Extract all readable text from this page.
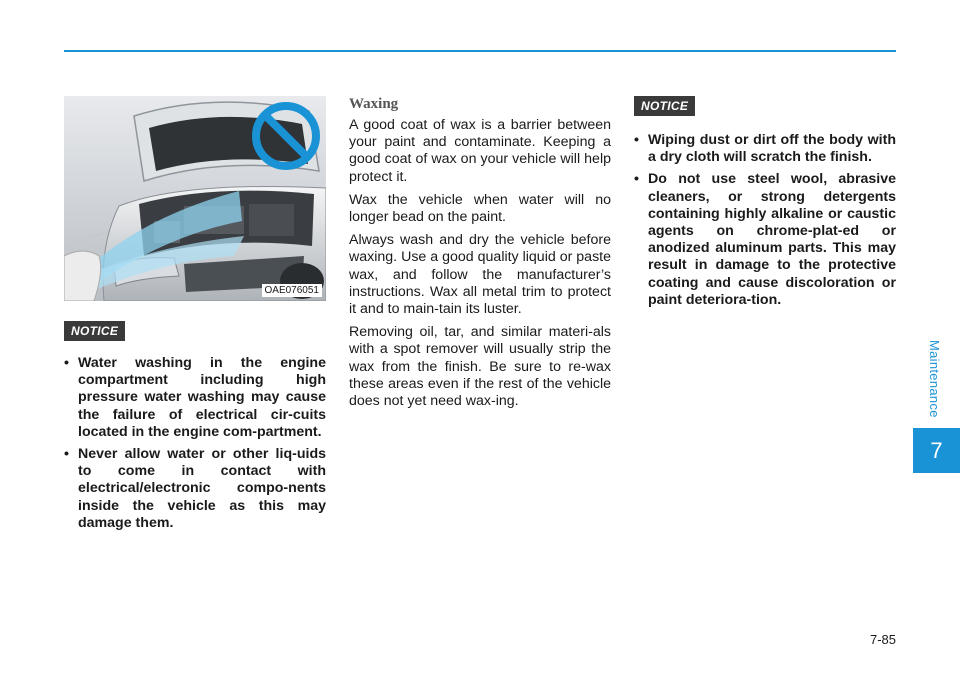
Maintenance
7
OAE076051
NOTICE
• Water washing in the engine compartment including high pressure water washing may cause the failure of electrical cir-cuits located in the engine com-partment.
• Never allow water or other liq-uids to come in contact with electrical/electronic compo-nents inside the vehicle as this may damage them.
Waxing

A good coat of wax is a barrier between your paint and contaminate. Keeping a good coat of wax on your vehicle will help protect it.

Wax the vehicle when water will no longer bead on the paint.

Always wash and dry the vehicle before waxing. Use a good quality liquid or paste wax, and follow the manufacturer’s instructions. Wax all metal trim to protect it and to main-tain its luster.

Removing oil, tar, and similar materi-als with a spot remover will usually strip the wax from the finish. Be sure to re-wax these areas even if the rest of the vehicle does not yet need wax-ing.

NOTICE
• Wiping dust or dirt off the body with a dry cloth will scratch the finish.
• Do not use steel wool, abrasive cleaners, or strong detergents containing highly alkaline or caustic agents on chrome-plat-ed or anodized aluminum parts. This may result in damage to the protective coating and cause discoloration or paint deteriora-tion.
7-85
